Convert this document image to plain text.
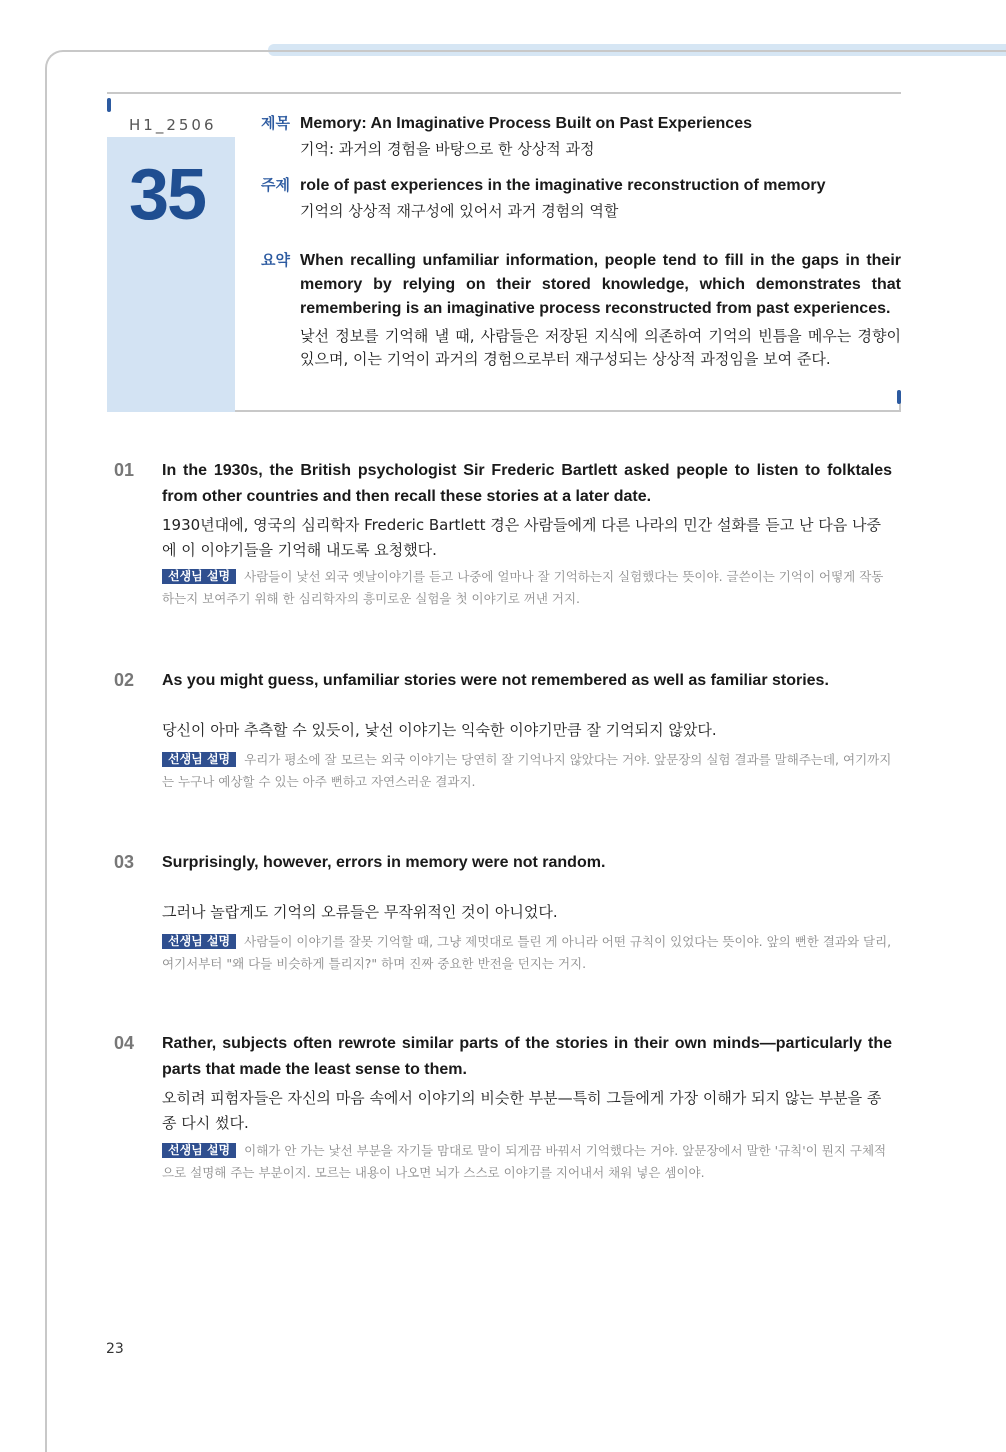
H1_2506
35
제목 Memory: An Imaginative Process Built on Past Experiences
기억: 과거의 경험을 바탕으로 한 상상적 과정
주제 role of past experiences in the imaginative reconstruction of memory
기억의 상상적 재구성에 있어서 과거 경험의 역할
요약 When recalling unfamiliar information, people tend to fill in the gaps in their memory by relying on their stored knowledge, which demonstrates that remembering is an imaginative process reconstructed from past experiences.
낯선 정보를 기억해 낼 때, 사람들은 저장된 지식에 의존하여 기억의 빈틈을 메우는 경향이 있으며, 이는 기억이 과거의 경험으로부터 재구성되는 상상적 과정임을 보여 준다.
01 In the 1930s, the British psychologist Sir Frederic Bartlett asked people to listen to folktales from other countries and then recall these stories at a later date.
1930년대에, 영국의 심리학자 Frederic Bartlett 경은 사람들에게 다른 나라의 민간 설화를 듣고 난 다음 나중에 이 이야기들을 기억해 내도록 요청했다.
선생님 설명 사람들이 낯선 외국 옛날이야기를 듣고 나중에 얼마나 잘 기억하는지 실험했다는 뜻이야. 글쓴이는 기억이 어떻게 작동하는지 보여주기 위해 한 심리학자의 흥미로운 실험을 첫 이야기로 꺼낸 거지.
02 As you might guess, unfamiliar stories were not remembered as well as familiar stories.
당신이 아마 추측할 수 있듯이, 낯선 이야기는 익숙한 이야기만큼 잘 기억되지 않았다.
선생님 설명 우리가 평소에 잘 모르는 외국 이야기는 당연히 잘 기억나지 않았다는 거야. 앞문장의 실험 결과를 말해주는데, 여기까지는 누구나 예상할 수 있는 아주 뻔하고 자연스러운 결과지.
03 Surprisingly, however, errors in memory were not random.
그러나 놀랍게도 기억의 오류들은 무작위적인 것이 아니었다.
선생님 설명 사람들이 이야기를 잘못 기억할 때, 그냥 제멋대로 틀린 게 아니라 어떤 규칙이 있었다는 뜻이야. 앞의 뻔한 결과와 달리, 여기서부터 "왜 다들 비슷하게 틀리지?" 하며 진짜 중요한 반전을 던지는 거지.
04 Rather, subjects often rewrote similar parts of the stories in their own minds—particularly the parts that made the least sense to them.
오히려 피험자들은 자신의 마음 속에서 이야기의 비슷한 부분—특히 그들에게 가장 이해가 되지 않는 부분을 종종 다시 썼다.
선생님 설명 이해가 안 가는 낯선 부분을 자기들 맘대로 말이 되게끔 바꿔서 기억했다는 거야. 앞문장에서 말한 '규칙'이 뭔지 구체적으로 설명해 주는 부분이지. 모르는 내용이 나오면 뇌가 스스로 이야기를 지어내서 채워 넣은 셈이야.
23
